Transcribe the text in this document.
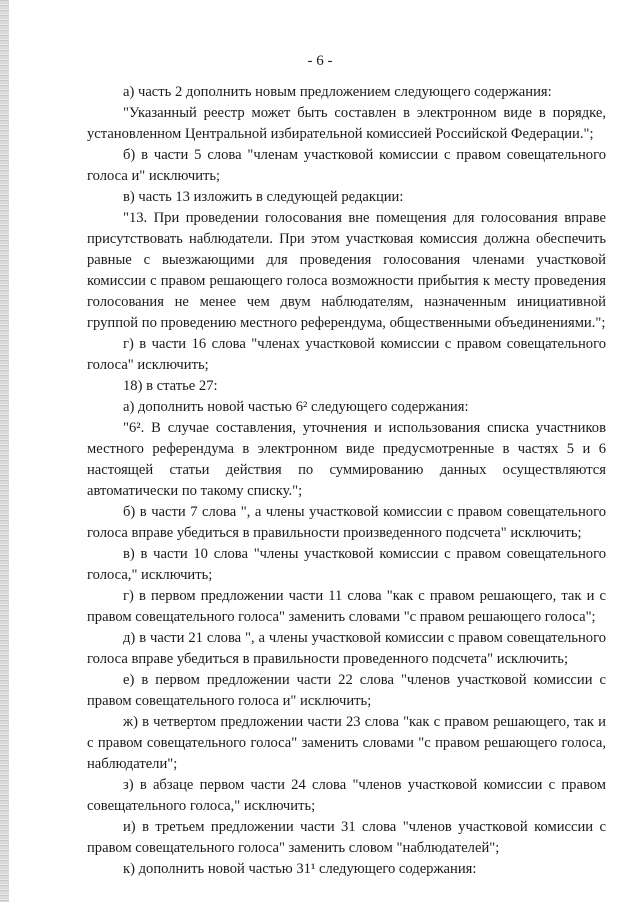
- 6 -

а) часть 2 дополнить новым предложением следующего содержания:

"Указанный реестр может быть составлен в электронном виде в порядке, установленном Центральной избирательной комиссией Российской Федерации.";

б) в части 5 слова "членам участковой комиссии с правом совещательного голоса и" исключить;

в) часть 13 изложить в следующей редакции:

"13. При проведении голосования вне помещения для голосования вправе присутствовать наблюдатели. При этом участковая комиссия должна обеспечить равные с выезжающими для проведения голосования членами участковой комиссии с правом решающего голоса возможности прибытия к месту проведения голосования не менее чем двум наблюдателям, назначенным инициативной группой по проведению местного референдума, общественными объединениями.";

г) в части 16 слова "членах участковой комиссии с правом совещательного голоса" исключить;

18) в статье 27:

а) дополнить новой частью 6² следующего содержания:

"6². В случае составления, уточнения и использования списка участников местного референдума в электронном виде предусмотренные в частях 5 и 6 настоящей статьи действия по суммированию данных осуществляются автоматически по такому списку.";

б) в части 7 слова ", а члены участковой комиссии с правом совещательного голоса вправе убедиться в правильности произведенного подсчета" исключить;

в) в части 10 слова "члены участковой комиссии с правом совещательного голоса," исключить;

г) в первом предложении части 11 слова "как с правом решающего, так и с правом совещательного голоса" заменить словами "с правом решающего голоса";

д) в части 21 слова ", а члены участковой комиссии с правом совещательного голоса вправе убедиться в правильности проведенного подсчета" исключить;

е) в первом предложении части 22 слова "членов участковой комиссии с правом совещательного голоса и" исключить;

ж) в четвертом предложении части 23 слова "как с правом решающего, так и с правом совещательного голоса" заменить словами "с правом решающего голоса, наблюдатели";

з) в абзаце первом части 24 слова "членов участковой комиссии с правом совещательного голоса," исключить;

и) в третьем предложении части 31 слова "членов участковой комиссии с правом совещательного голоса" заменить словом "наблюдателей";

к) дополнить новой частью 31¹ следующего содержания:
